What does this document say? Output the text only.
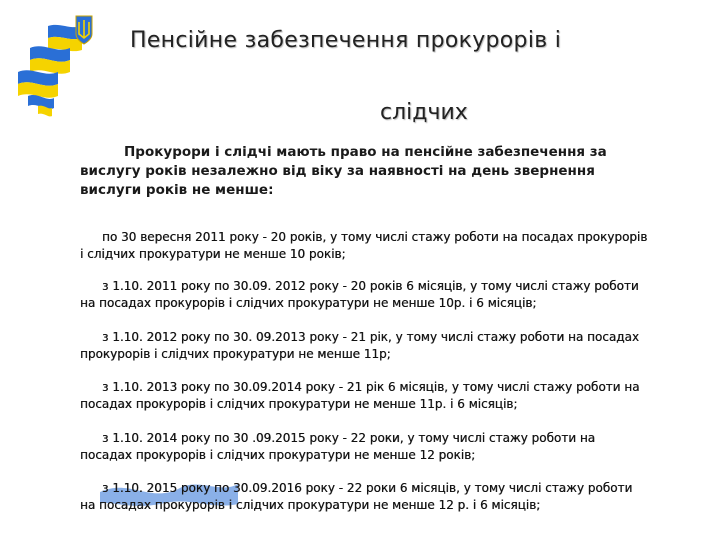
Пенсійне забезпечення прокурорів і
слідчих
Прокурори і слідчі мають право на пенсійне забезпечення за вислугу років незалежно від віку за наявності на день звернення вислуги років не менше:
по 30 вересня 2011 року - 20 років, у тому числі стажу роботи на посадах прокурорів і слідчих прокуратури не менше 10 років;
з 1.10. 2011 року по 30.09. 2012 року - 20 років 6 місяців, у тому числі стажу роботи на посадах прокурорів і слідчих прокуратури не менше 10р. і 6 місяців;
з 1.10. 2012 року по 30. 09.2013 року - 21 рік, у тому числі стажу роботи на посадах прокурорів і слідчих прокуратури не менше 11р;
з 1.10. 2013 року по 30.09.2014 року - 21 рік 6 місяців, у тому числі стажу роботи на посадах прокурорів і слідчих прокуратури не менше 11р. і 6 місяців;
з 1.10. 2014 року по 30 .09.2015 року - 22 роки, у тому числі стажу роботи на посадах прокурорів і слідчих прокуратури не менше 12 років;
з 1.10. 2015 року по 30.09.2016 року - 22 роки 6 місяців, у тому числі стажу роботи на посадах прокурорів і слідчих прокуратури не менше 12 р. і 6 місяців;
